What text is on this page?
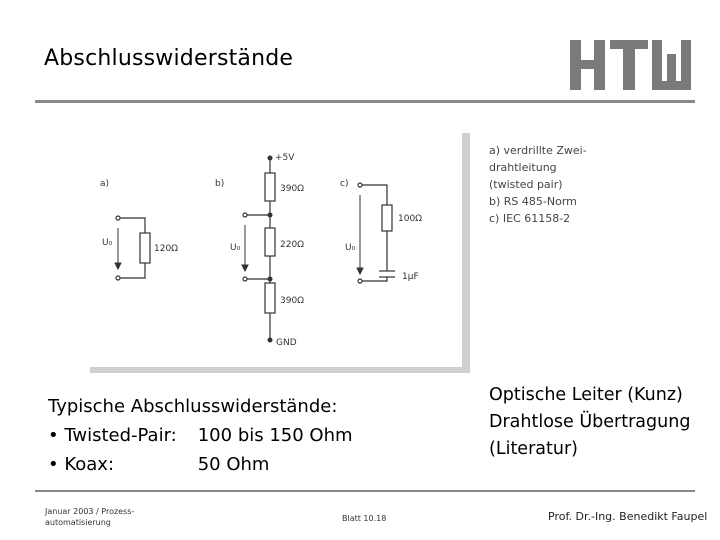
Abschlusswiderstände
a)	b)	c)
U₀	U₀	U₀
120Ω
+5V
390Ω
220Ω
390Ω
GND
100Ω
1μF
a) verdrillte Zwei-
drahtleitung
(twisted pair)
b) RS 485-Norm
c) IEC 61158-2
Typische Abschlusswiderstände:
• Twisted-Pair: 100 bis 150 Ohm
• Koax:	50 Ohm
Optische Leiter (Kunz)
Drahtlose Übertragung
(Literatur)
Januar 2003 / Prozess-
automatisierung	Blatt 10.18	Prof. Dr.-Ing. Benedikt Faupel
